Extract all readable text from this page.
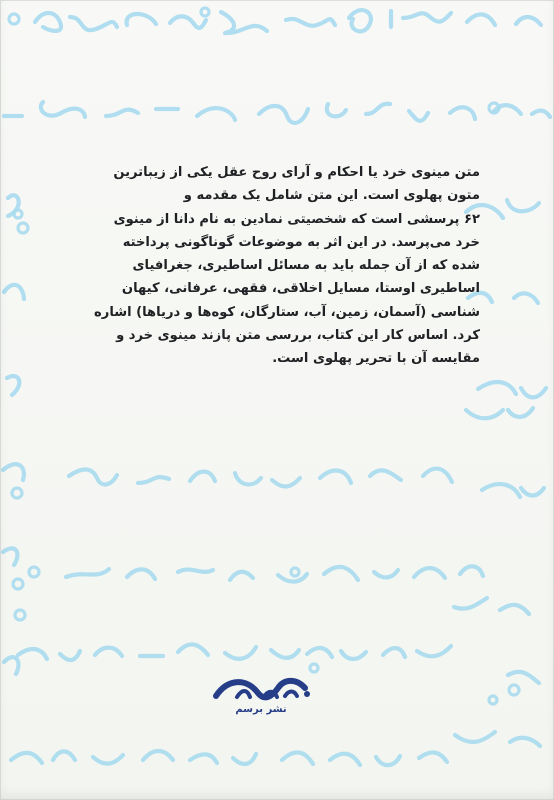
متن مینوی خرد یا احکام و آرای روح عقل یکی از زیباترین
متون پهلوی است. این متن شامل یک مقدمه و
۶۲ پرسشی است که شخصیتی نمادین به نام دانا از مینوی
خرد می‌پرسد. در این اثر به موضوعات گوناگونی پرداخته
شده که از آن جمله باید به مسائل اساطیری، جغرافیای
اساطیری اوستا، مسایل اخلاقی، فقهی، عرفانی، کیهان
شناسی (آسمان، زمین، آب، ستارگان، کوه‌ها و دریاها) اشاره
کرد. اساس کار این کتاب، بررسی متن پازند مینوی خرد و
مقایسه آن با تحریر پهلوی است.
نشر برسم
